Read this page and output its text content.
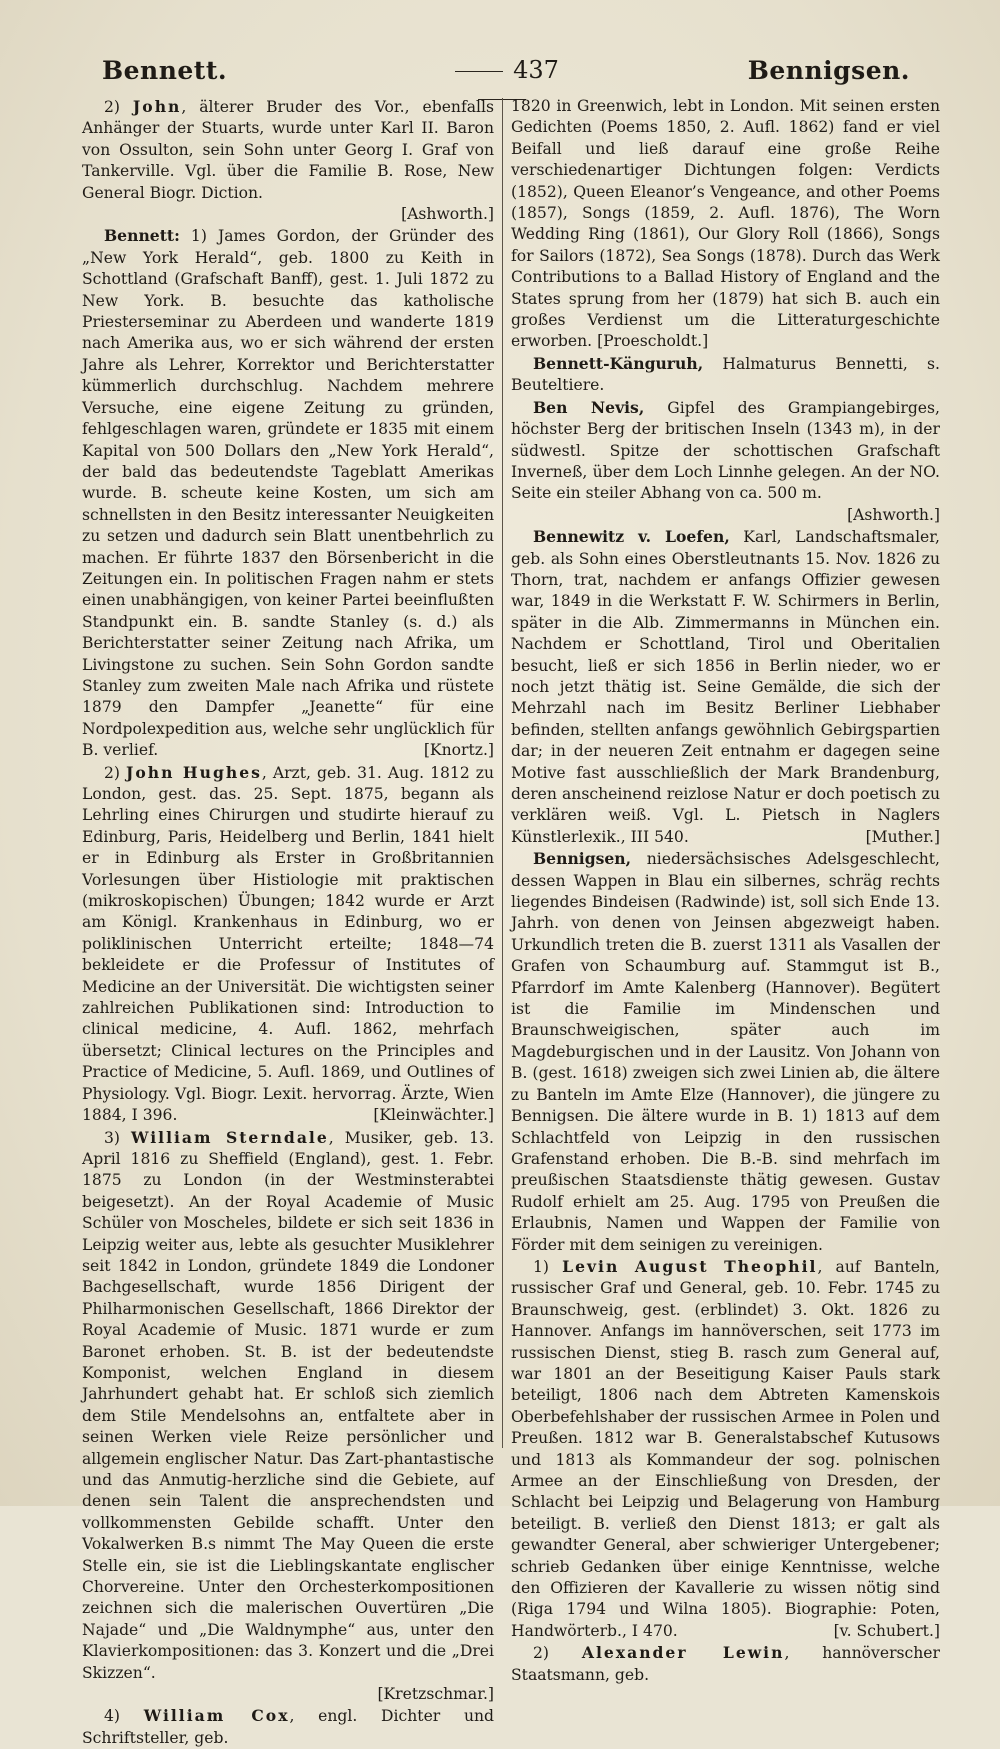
Bennett.	437	Bennigsen.

2) John, älterer Bruder des Vor., ebenfalls Anhänger der Stuarts, wurde unter Karl II. Baron von Ossulton, sein Sohn unter Georg I. Graf von Tankerville. Vgl. über die Familie B. Rose, New General Biogr. Diction.
[Ashworth.]

Bennett: 1) James Gordon, der Gründer des „New York Herald“, geb. 1800 zu Keith in Schottland (Grafschaft Banff), gest. 1. Juli 1872 zu New York. B. besuchte das katholische Priesterseminar zu Aberdeen und wanderte 1819 nach Amerika aus, wo er sich während der ersten Jahre als Lehrer, Korrektor und Berichterstatter kümmerlich durchschlug. Nachdem mehrere Versuche, eine eigene Zeitung zu gründen, fehlgeschlagen waren, gründete er 1835 mit einem Kapital von 500 Dollars den „New York Herald“, der bald das bedeutendste Tageblatt Amerikas wurde. B. scheute keine Kosten, um sich am schnellsten in den Besitz interessanter Neuigkeiten zu setzen und dadurch sein Blatt unentbehrlich zu machen. Er führte 1837 den Börsenbericht in die Zeitungen ein. In politischen Fragen nahm er stets einen unabhängigen, von keiner Partei beeinflußten Standpunkt ein. B. sandte Stanley (s. d.) als Berichterstatter seiner Zeitung nach Afrika, um Livingstone zu suchen. Sein Sohn Gordon sandte Stanley zum zweiten Male nach Afrika und rüstete 1879 den Dampfer „Jeanette“ für eine Nordpolexpedition aus, welche sehr unglücklich für B. verlief.	[Knortz.]

2) John Hughes, Arzt, geb. 31. Aug. 1812 zu London, gest. das. 25. Sept. 1875, begann als Lehrling eines Chirurgen und studirte hierauf zu Edinburg, Paris, Heidelberg und Berlin, 1841 hielt er in Edinburg als Erster in Großbritannien Vorlesungen über Histiologie mit praktischen (mikroskopischen) Übungen; 1842 wurde er Arzt am Königl. Krankenhaus in Edinburg, wo er poliklinischen Unterricht erteilte; 1848—74 bekleidete er die Professur of Institutes of Medicine an der Universität. Die wichtigsten seiner zahlreichen Publikationen sind: Introduction to clinical medicine, 4. Aufl. 1862, mehrfach übersetzt; Clinical lectures on the Principles and Practice of Medicine, 5. Aufl. 1869, und Outlines of Physiology. Vgl. Biogr. Lexit. hervorrag. Ärzte, Wien 1884, I 396.	[Kleinwächter.]

3) William Sterndale, Musiker, geb. 13. April 1816 zu Sheffield (England), gest. 1. Febr. 1875 zu London (in der Westminsterabtei beigesetzt). An der Royal Academie of Music Schüler von Moscheles, bildete er sich seit 1836 in Leipzig weiter aus, lebte als gesuchter Musiklehrer seit 1842 in London, gründete 1849 die Londoner Bachgesellschaft, wurde 1856 Dirigent der Philharmonischen Gesellschaft, 1866 Direktor der Royal Academie of Music. 1871 wurde er zum Baronet erhoben. St. B. ist der bedeutendste Komponist, welchen England in diesem Jahrhundert gehabt hat. Er schloß sich ziemlich dem Stile Mendelsohns an, entfaltete aber in seinen Werken viele Reize persönlicher und allgemein englischer Natur. Das Zart-phantastische und das Anmutig-herzliche sind die Gebiete, auf denen sein Talent die ansprechendsten und vollkommensten Gebilde schafft. Unter den Vokalwerken B.s nimmt The May Queen die erste Stelle ein, sie ist die Lieblingskantate englischer Chorvereine. Unter den Orchesterkompositionen zeichnen sich die malerischen Ouvertüren „Die Najade“ und „Die Waldnymphe“ aus, unter den Klavierkompositionen: das 3. Konzert und die „Drei Skizzen“.
[Kretzschmar.]

4) William Cox, engl. Dichter und Schriftsteller, geb.

1820 in Greenwich, lebt in London. Mit seinen ersten Gedichten (Poems 1850, 2. Aufl. 1862) fand er viel Beifall und ließ darauf eine große Reihe verschiedenartiger Dichtungen folgen: Verdicts (1852), Queen Eleanor’s Vengeance, and other Poems (1857), Songs (1859, 2. Aufl. 1876), The Worn Wedding Ring (1861), Our Glory Roll (1866), Songs for Sailors (1872), Sea Songs (1878). Durch das Werk Contributions to a Ballad History of England and the States sprung from her (1879) hat sich B. auch ein großes Verdienst um die Litteraturgeschichte erworben. [Proescholdt.]

Bennett-Känguruh, Halmaturus Bennetti, s. Beuteltiere.

Ben Nevis, Gipfel des Grampiangebirges, höchster Berg der britischen Inseln (1343 m), in der südwestl. Spitze der schottischen Grafschaft Inverneß, über dem Loch Linnhe gelegen. An der NO. Seite ein steiler Abhang von ca. 500 m.
[Ashworth.]

Bennewitz v. Loefen, Karl, Landschaftsmaler, geb. als Sohn eines Oberstleutnants 15. Nov. 1826 zu Thorn, trat, nachdem er anfangs Offizier gewesen war, 1849 in die Werkstatt F. W. Schirmers in Berlin, später in die Alb. Zimmermanns in München ein. Nachdem er Schottland, Tirol und Oberitalien besucht, ließ er sich 1856 in Berlin nieder, wo er noch jetzt thätig ist. Seine Gemälde, die sich der Mehrzahl nach im Besitz Berliner Liebhaber befinden, stellten anfangs gewöhnlich Gebirgspartien dar; in der neueren Zeit entnahm er dagegen seine Motive fast ausschließlich der Mark Brandenburg, deren anscheinend reizlose Natur er doch poetisch zu verklären weiß. Vgl. L. Pietsch in Naglers Künstlerlexik., III 540.	[Muther.]

Bennigsen, niedersächsisches Adelsgeschlecht, dessen Wappen in Blau ein silbernes, schräg rechts liegendes Bindeisen (Radwinde) ist, soll sich Ende 13. Jahrh. von denen von Jeinsen abgezweigt haben. Urkundlich treten die B. zuerst 1311 als Vasallen der Grafen von Schaumburg auf. Stammgut ist B., Pfarrdorf im Amte Kalenberg (Hannover). Begütert ist die Familie im Mindenschen und Braunschweigischen, später auch im Magdeburgischen und in der Lausitz. Von Johann von B. (gest. 1618) zweigen sich zwei Linien ab, die ältere zu Banteln im Amte Elze (Hannover), die jüngere zu Bennigsen. Die ältere wurde in B. 1) 1813 auf dem Schlachtfeld von Leipzig in den russischen Grafenstand erhoben. Die B.-B. sind mehrfach im preußischen Staatsdienste thätig gewesen. Gustav Rudolf erhielt am 25. Aug. 1795 von Preußen die Erlaubnis, Namen und Wappen der Familie von Förder mit dem seinigen zu vereinigen.

1) Levin August Theophil, auf Banteln, russischer Graf und General, geb. 10. Febr. 1745 zu Braunschweig, gest. (erblindet) 3. Okt. 1826 zu Hannover. Anfangs im hannöverschen, seit 1773 im russischen Dienst, stieg B. rasch zum General auf, war 1801 an der Beseitigung Kaiser Pauls stark beteiligt, 1806 nach dem Abtreten Kamenskois Oberbefehlshaber der russischen Armee in Polen und Preußen. 1812 war B. Generalstabschef Kutusows und 1813 als Kommandeur der sog. polnischen Armee an der Einschließung von Dresden, der Schlacht bei Leipzig und Belagerung von Hamburg beteiligt. B. verließ den Dienst 1813; er galt als gewandter General, aber schwieriger Untergebener; schrieb Gedanken über einige Kenntnisse, welche den Offizieren der Kavallerie zu wissen nötig sind (Riga 1794 und Wilna 1805). Biographie: Poten, Handwörterb., I 470.	[v. Schubert.]

2) Alexander Lewin, hannöverscher Staatsmann, geb.
